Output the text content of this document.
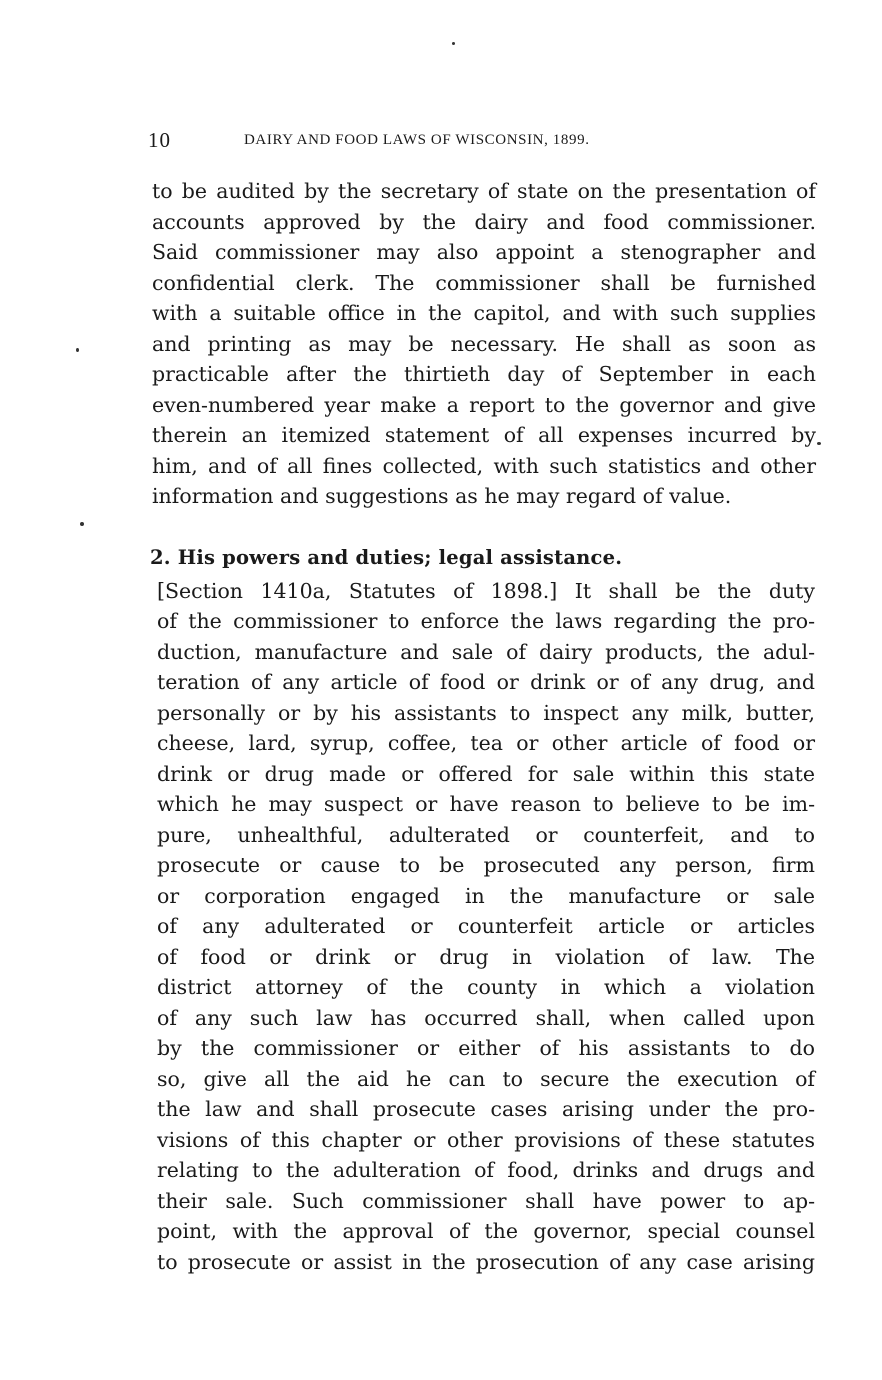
10	DAIRY AND FOOD LAWS OF WISCONSIN, 1899.
to be audited by the secretary of state on the presentation of
accounts approved by the dairy and food commissioner.
Said commissioner may also appoint a stenographer and
confidential clerk. The commissioner shall be furnished
with a suitable office in the capitol, and with such supplies
and printing as may be necessary. He shall as soon as
practicable after the thirtieth day of September in each
even-numbered year make a report to the governor and give
therein an itemized statement of all expenses incurred by
him, and of all fines collected, with such statistics and other
information and suggestions as he may regard of value.
2. His powers and duties; legal assistance.
[Section 1410a, Statutes of 1898.] It shall be the duty
of the commissioner to enforce the laws regarding the pro-
duction, manufacture and sale of dairy products, the adul-
teration of any article of food or drink or of any drug, and
personally or by his assistants to inspect any milk, butter,
cheese, lard, syrup, coffee, tea or other article of food or
drink or drug made or offered for sale within this state
which he may suspect or have reason to believe to be im-
pure, unhealthful, adulterated or counterfeit, and to
prosecute or cause to be prosecuted any person, firm
or corporation engaged in the manufacture or sale
of any adulterated or counterfeit article or articles
of food or drink or drug in violation of law. The
district attorney of the county in which a violation
of any such law has occurred shall, when called upon
by the commissioner or either of his assistants to do
so, give all the aid he can to secure the execution of
the law and shall prosecute cases arising under the pro-
visions of this chapter or other provisions of these statutes
relating to the adulteration of food, drinks and drugs and
their sale. Such commissioner shall have power to ap-
point, with the approval of the governor, special counsel
to prosecute or assist in the prosecution of any case arising
